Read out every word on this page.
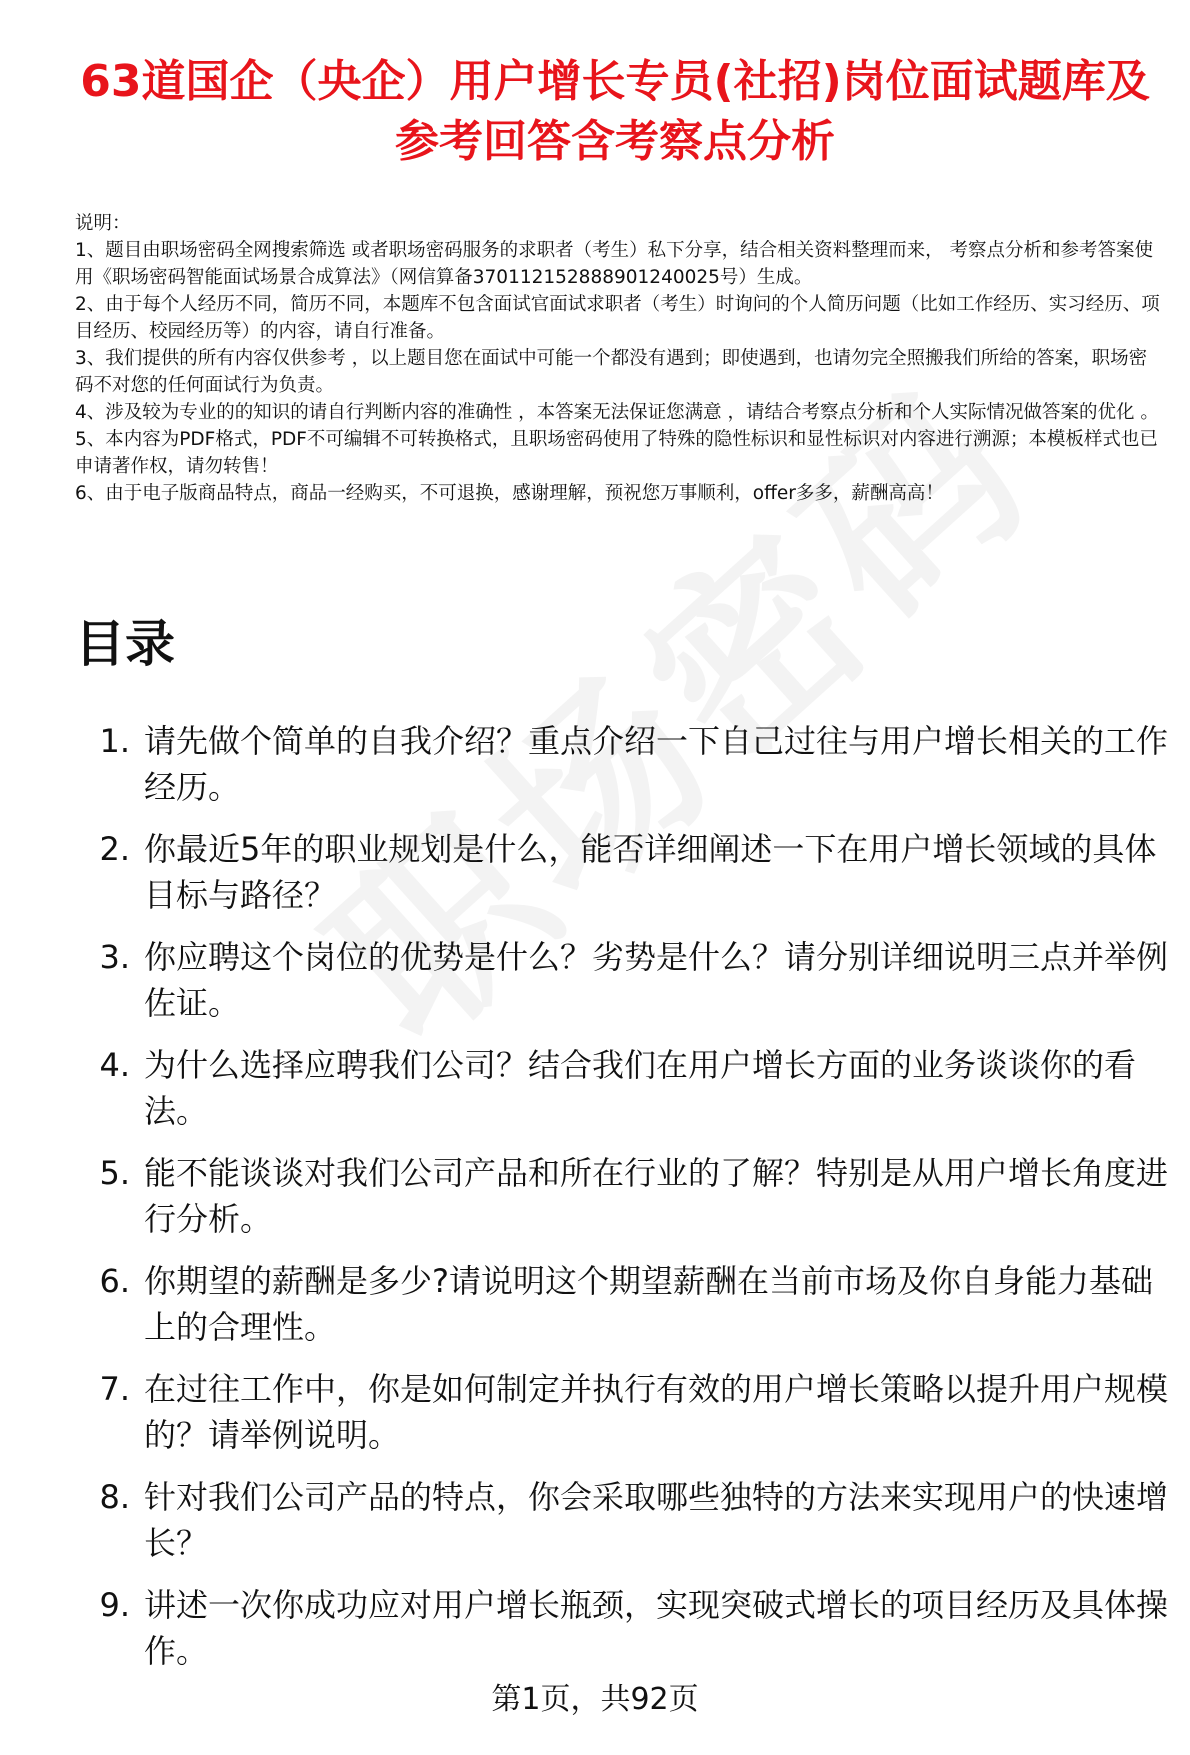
63道国企（央企）用户增长专员(社招)岗位面试题库及参考回答含考察点分析

说明：

1、题目由职场密码全网搜索筛选 或者职场密码服务的求职者（考生）私下分享，结合相关资料整理而来， 考察点分析和参考答案使用《职场密码智能面试场景合成算法》（网信算备370112152888901240025号）生成。

2、由于每个人经历不同，简历不同，本题库不包含面试官面试求职者（考生）时询问的个人简历问题（比如工作经历、实习经历、项目经历、校园经历等）的内容，请自行准备。

3、我们提供的所有内容仅供参考 ，以上题目您在面试中可能一个都没有遇到；即使遇到，也请勿完全照搬我们所给的答案，职场密码不对您的任何面试行为负责。

4、涉及较为专业的的知识的请自行判断内容的准确性 ，本答案无法保证您满意 ，请结合考察点分析和个人实际情况做答案的优化 。

5、本内容为PDF格式，PDF不可编辑不可转换格式，且职场密码使用了特殊的隐性标识和显性标识对内容进行溯源；本模板样式也已申请著作权，请勿转售！

6、由于电子版商品特点，商品一经购买，不可退换，感谢理解，预祝您万事顺利，offer多多，薪酬高高！

目录
1. 请先做个简单的自我介绍？重点介绍一下自己过往与用户增长相关的工作经历。
2. 你最近5年的职业规划是什么，能否详细阐述一下在用户增长领域的具体目标与路径？
3. 你应聘这个岗位的优势是什么？劣势是什么？请分别详细说明三点并举例佐证。
4. 为什么选择应聘我们公司？结合我们在用户增长方面的业务谈谈你的看法。
5. 能不能谈谈对我们公司产品和所在行业的了解？特别是从用户增长角度进行分析。
6. 你期望的薪酬是多少?请说明这个期望薪酬在当前市场及你自身能力基础上的合理性。
7. 在过往工作中，你是如何制定并执行有效的用户增长策略以提升用户规模的？请举例说明。
8. 针对我们公司产品的特点，你会采取哪些独特的方法来实现用户的快速增长？
9. 讲述一次你成功应对用户增长瓶颈，实现突破式增长的项目经历及具体操作。
第1页，共92页
